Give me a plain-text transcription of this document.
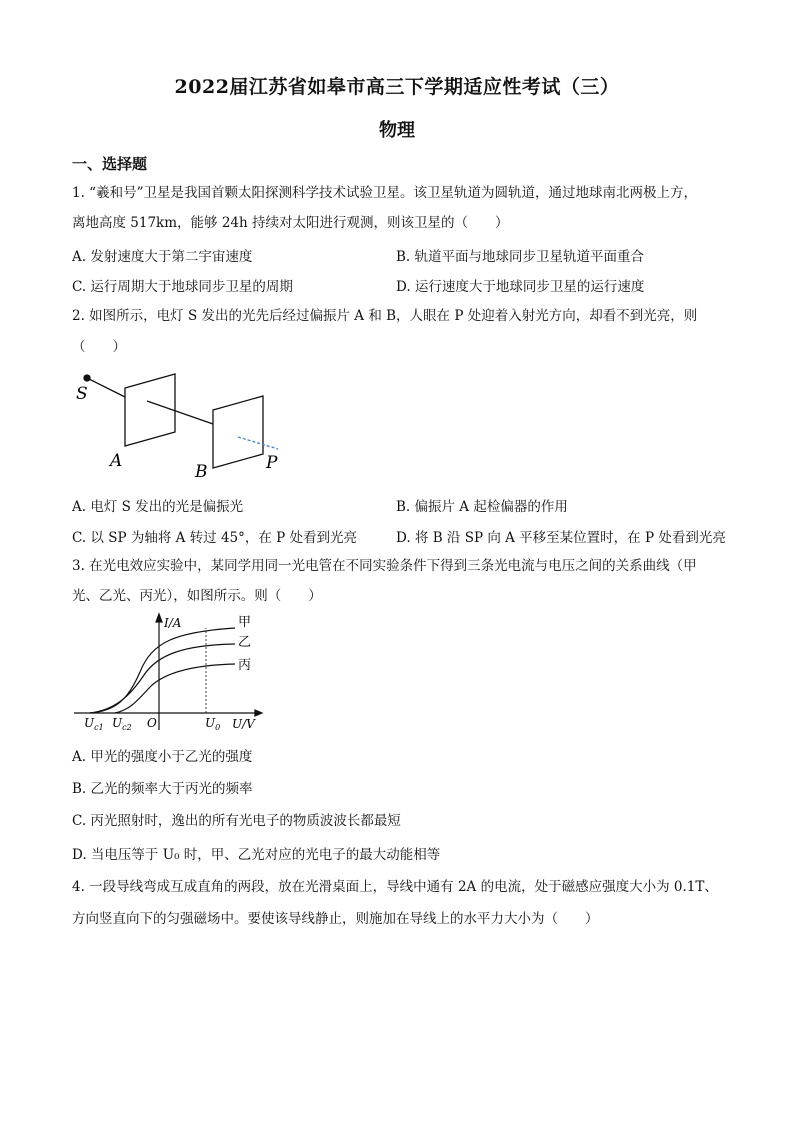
2022届江苏省如皋市高三下学期适应性考试（三）
物理
一、选择题
1. “羲和号”卫星是我国首颗太阳探测科学技术试验卫星。该卫星轨道为圆轨道，通过地球南北两极上方，
离地高度 517km，能够 24h 持续对太阳进行观测，则该卫星的（　　）
A. 发射速度大于第二宇宙速度	B. 轨道平面与地球同步卫星轨道平面重合
C. 运行周期大于地球同步卫星的周期	D. 运行速度大于地球同步卫星的运行速度
2. 如图所示，电灯 S 发出的光先后经过偏振片 A 和 B，人眼在 P 处迎着入射光方向，却看不到光亮，则
（　　）
S
A
B	P
A. 电灯 S 发出的光是偏振光	B. 偏振片 A 起检偏器的作用
C. 以 SP 为轴将 A 转过 45°，在 P 处看到光亮	D. 将 B 沿 SP 向 A 平移至某位置时，在 P 处看到光亮
3. 在光电效应实验中，某同学用同一光电管在不同实验条件下得到三条光电流与电压之间的关系曲线（甲
光、乙光、丙光），如图所示。则（　　）
I/A	甲
乙
丙
$U_{c1}$ $U_{c2}$ O	$U_0$ U/V
A. 甲光的强度小于乙光的强度
B. 乙光的频率大于丙光的频率
C. 丙光照射时，逸出的所有光电子的物质波波长都最短
D. 当电压等于 U₀ 时，甲、乙光对应的光电子的最大动能相等
4. 一段导线弯成互成直角的两段，放在光滑桌面上，导线中通有 2A 的电流，处于磁感应强度大小为 0.1T、
方向竖直向下的匀强磁场中。要使该导线静止，则施加在导线上的水平力大小为（　　）
